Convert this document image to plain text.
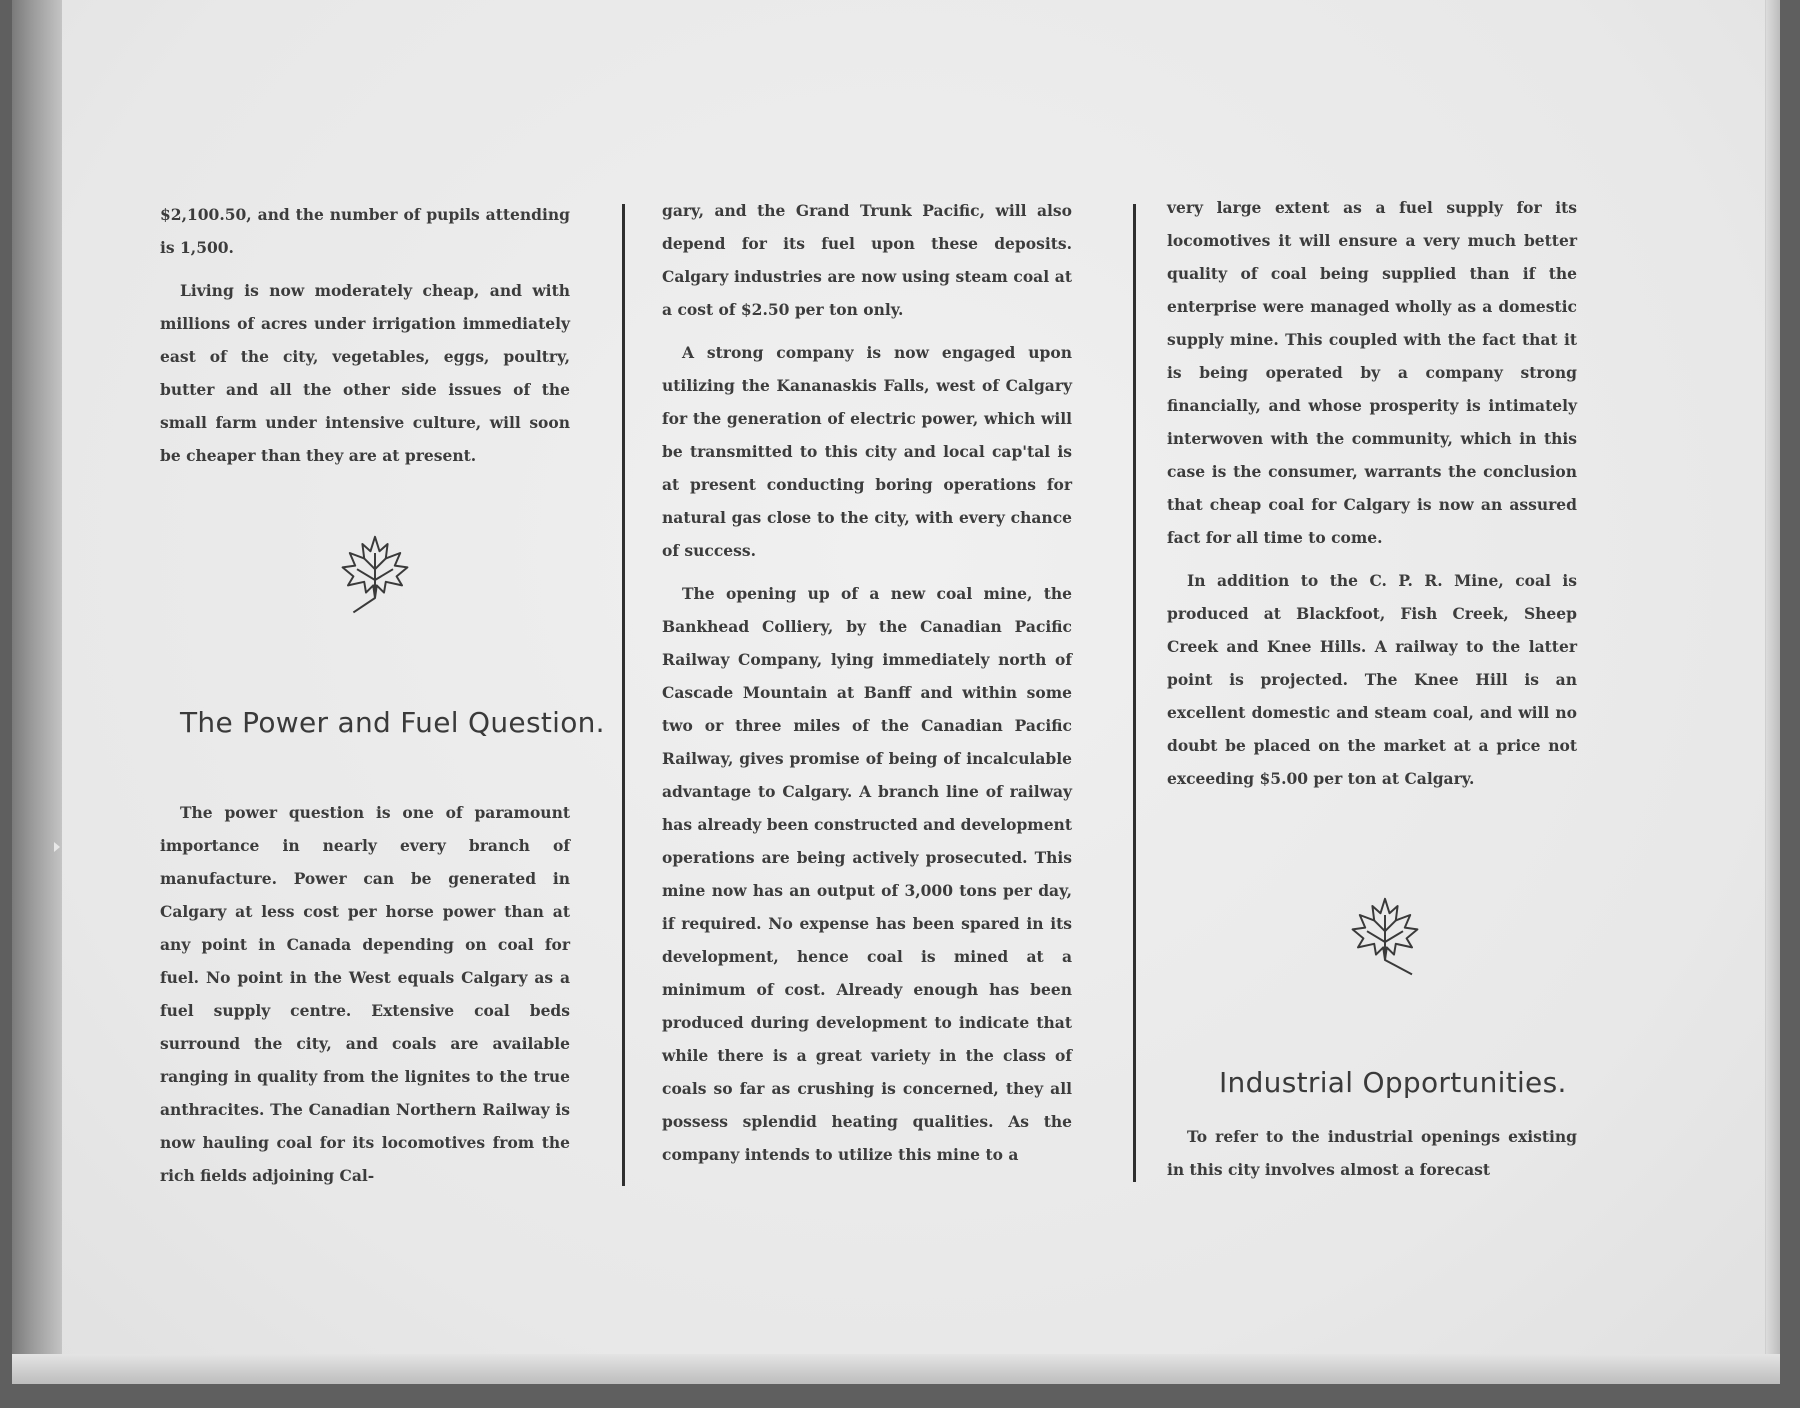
$2,100.50, and the number of pupils attending is 1,500.

Living is now moderately cheap, and with millions of acres under irrigation immediately east of the city, vegetables, eggs, poultry, butter and all the other side issues of the small farm under intensive culture, will soon be cheaper than they are at present.

The Power and Fuel Question.

The power question is one of paramount importance in nearly every branch of manufacture. Power can be generated in Calgary at less cost per horse power than at any point in Canada depending on coal for fuel. No point in the West equals Calgary as a fuel supply centre. Extensive coal beds surround the city, and coals are available ranging in quality from the lignites to the true anthracites. The Canadian Northern Railway is now hauling coal for its locomotives from the rich fields adjoining Cal-

gary, and the Grand Trunk Pacific, will also depend for its fuel upon these deposits. Calgary industries are now using steam coal at a cost of $2.50 per ton only.

A strong company is now engaged upon utilizing the Kananaskis Falls, west of Calgary for the generation of electric power, which will be transmitted to this city and local cap'tal is at present conducting boring operations for natural gas close to the city, with every chance of success.

The opening up of a new coal mine, the Bankhead Colliery, by the Canadian Pacific Railway Company, lying immediately north of Cascade Mountain at Banff and within some two or three miles of the Canadian Pacific Railway, gives promise of being of incalculable advantage to Calgary. A branch line of railway has already been constructed and development operations are being actively prosecuted. This mine now has an output of 3,000 tons per day, if required. No expense has been spared in its development, hence coal is mined at a minimum of cost. Already enough has been produced during development to indicate that while there is a great variety in the class of coals so far as crushing is concerned, they all possess splendid heating qualities. As the company intends to utilize this mine to a

very large extent as a fuel supply for its locomotives it will ensure a very much better quality of coal being supplied than if the enterprise were managed wholly as a domestic supply mine. This coupled with the fact that it is being operated by a company strong financially, and whose prosperity is intimately interwoven with the community, which in this case is the consumer, warrants the conclusion that cheap coal for Calgary is now an assured fact for all time to come.

In addition to the C. P. R. Mine, coal is produced at Blackfoot, Fish Creek, Sheep Creek and Knee Hills. A railway to the latter point is projected. The Knee Hill is an excellent domestic and steam coal, and will no doubt be placed on the market at a price not exceeding $5.00 per ton at Calgary.

Industrial Opportunities.

To refer to the industrial openings existing in this city involves almost a forecast
